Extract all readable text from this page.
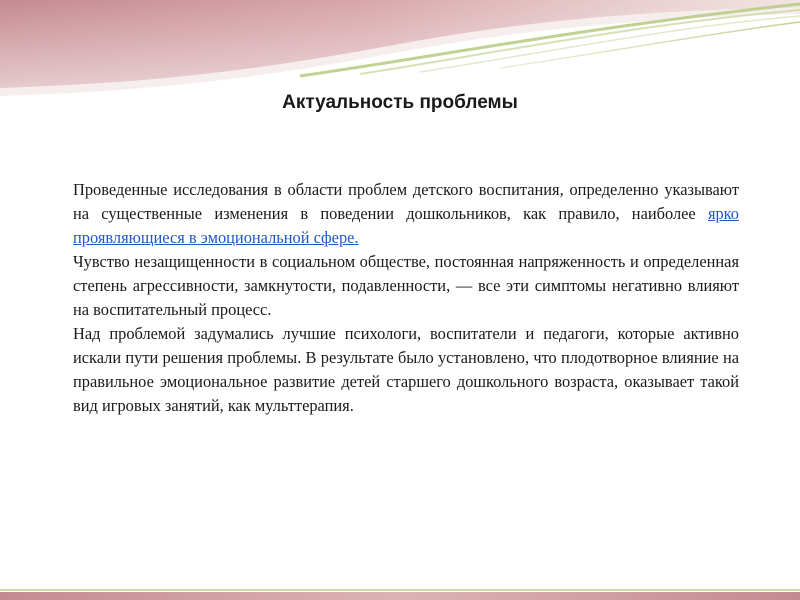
Актуальность проблемы

Проведенные исследования в области проблем детского воспитания, определенно указывают на существенные изменения в поведении дошкольников, как правило, наиболее ярко проявляющиеся в эмоциональной сфере.

Чувство незащищенности в социальном обществе, постоянная напряженность и определенная степень агрессивности, замкнутости, подавленности, — все эти симптомы негативно влияют на воспитательный процесс.

Над проблемой задумались лучшие психологи, воспитатели и педагоги, которые активно искали пути решения проблемы. В результате было установлено, что плодотворное влияние на правильное эмоциональное развитие детей старшего дошкольного возраста, оказывает такой вид игровых занятий, как мульттерапия.
